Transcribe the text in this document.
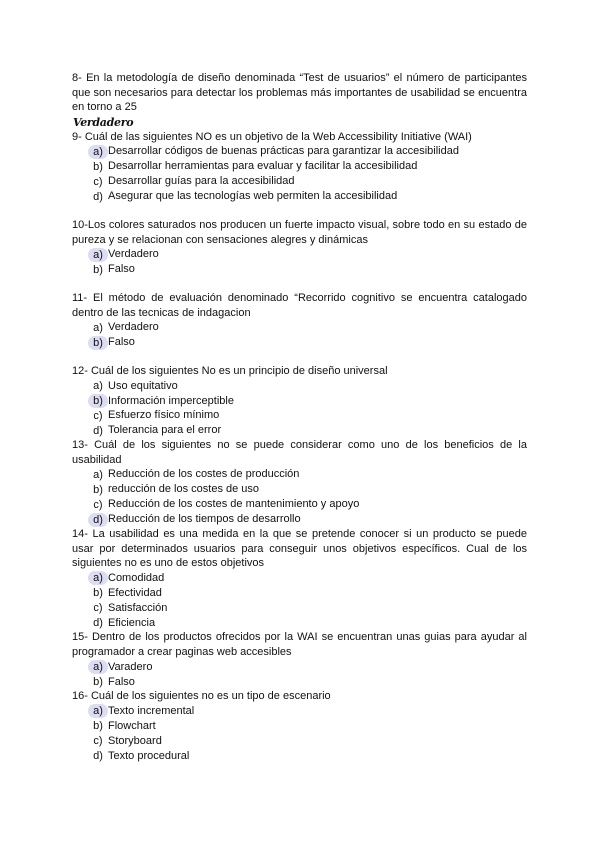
8- En la metodología de diseño denominada “Test de usuarios” el número de participantes que son necesarios para detectar los problemas más importantes de usabilidad se encuentra en torno a 25

Verdadero

9- Cuál de las siguientes NO es un objetivo de la Web Accessibility Initiative (WAI)

a) Desarrollar códigos de buenas prácticas para garantizar la accesibilidad
b) Desarrollar herramientas para evaluar y facilitar la accesibilidad
c) Desarrollar guías para la accesibilidad
d) Asegurar que las tecnologías web permiten la accesibilidad

10-Los colores saturados nos producen un fuerte impacto visual, sobre todo en su estado de pureza y se relacionan con sensaciones alegres y dinámicas

a) Verdadero
b) Falso

11- El método de evaluación denominado “Recorrido cognitivo se encuentra catalogado dentro de las tecnicas de indagacion

a) Verdadero
b) Falso

12- Cuál de los siguientes No es un principio de diseño universal

a) Uso equitativo
b) Información imperceptible
c) Esfuerzo físico mínimo
d) Tolerancia para el error

13- Cuál de los siguientes no se puede considerar como uno de los beneficios de la usabilidad

a) Reducción de los costes de producción
b) reducción de los costes de uso
c) Reducción de los costes de mantenimiento y apoyo
d) Reducción de los tiempos de desarrollo

14- La usabilidad es una medida en la que se pretende conocer si un producto se puede usar por determinados usuarios para conseguir unos objetivos específicos. Cual de los siguientes no es uno de estos objetivos

a) Comodidad
b) Efectividad
c) Satisfacción
d) Eficiencia

15- Dentro de los productos ofrecidos por la WAI se encuentran unas guias para ayudar al programador a crear paginas web accesibles

a) Varadero
b) Falso

16- Cuál de los siguientes no es un tipo de escenario

a) Texto incremental
b) Flowchart
c) Storyboard
d) Texto procedural
